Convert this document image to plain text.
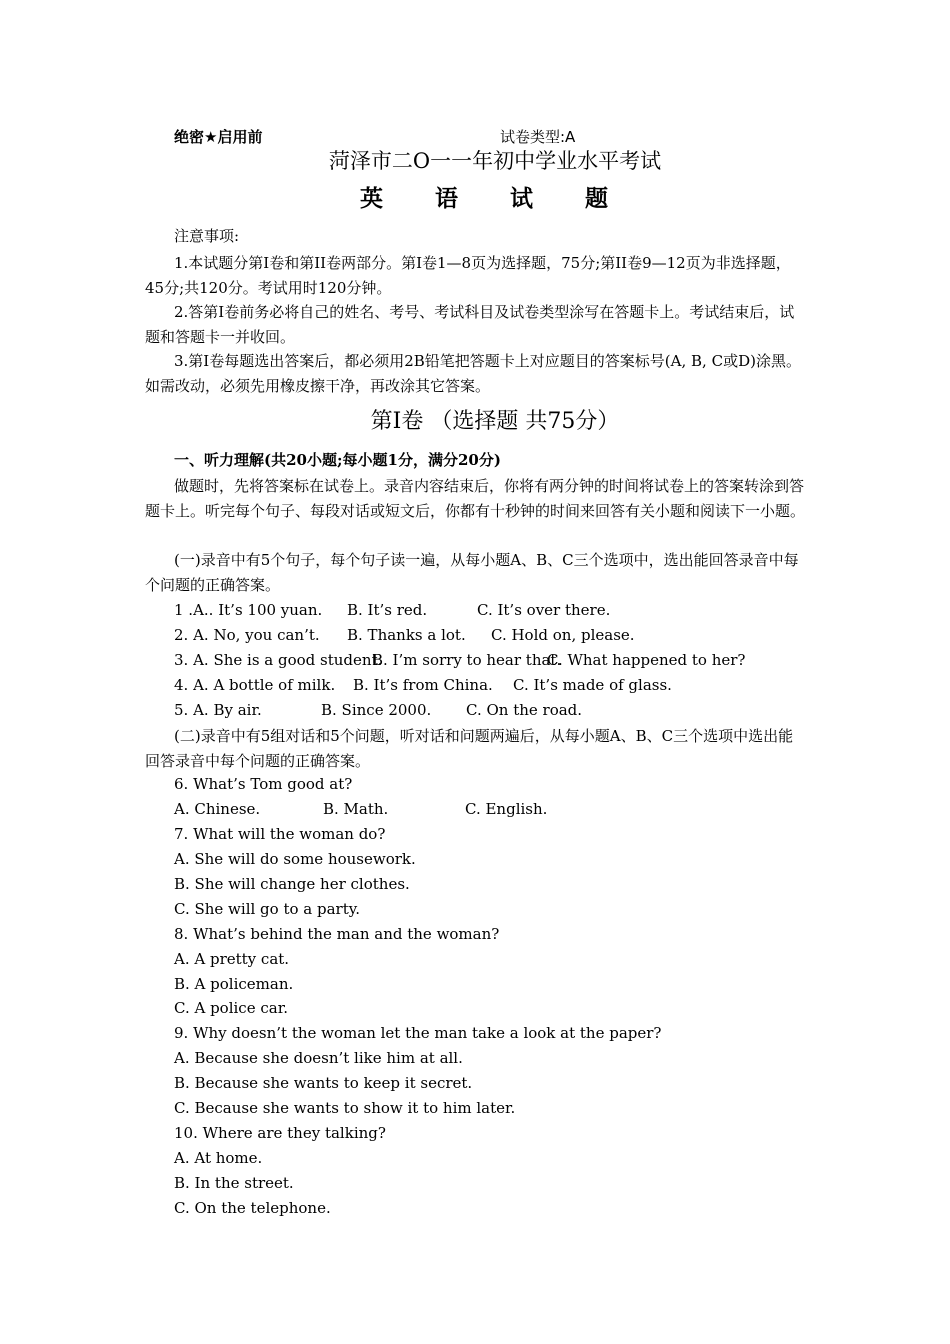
绝密★启用前	试卷类型:A
菏泽市二O一一年初中学业水平考试
英 语 试 题
注意事项:
1.本试题分第I卷和第II卷两部分。第I卷1—8页为选择题，75分;第II卷9—12页为非选择题，45分;共120分。考试用时120分钟。
2.答第I卷前务必将自己的姓名、考号、考试科目及试卷类型涂写在答题卡上。考试结束后，试题和答题卡一并收回。
3.第I卷每题选出答案后，都必须用2B铅笔把答题卡上对应题目的答案标号(A, B, C或D)涂黑。如需改动，必须先用橡皮擦干净，再改涂其它答案。
第I卷 （选择题 共75分）
一、听力理解(共20小题;每小题1分，满分20分)
做题时，先将答案标在试卷上。录音内容结束后，你将有两分钟的时间将试卷上的答案转涂到答题卡上。听完每个句子、每段对话或短文后，你都有十秒钟的时间来回答有关小题和阅读下一小题。
(一)录音中有5个句子，每个句子读一遍，从每小题A、B、C三个选项中，选出能回答录音中每个问题的正确答案。
1 .A.. It’s 100 yuan. B. It’s red.	C. It’s over there.
2. A. No, you can’t. B. Thanks a lot. C. Hold on, please.
3. A. She is a good student.
B. I’m sorry to hear that.
C. What happened to her?
4. A. A bottle of milk. B. It’s from China. C. It’s made of glass.
5. A. By air.	B. Since 2000. C. On the road.
(二)录音中有5组对话和5个问题，听对话和问题两遍后，从每小题A、B、C三个选项中选出能回答录音中每个问题的正确答案。
6. What’s Tom good at?
A. Chinese.	B. Math.	C. English.
7. What will the woman do?
A. She will do some housework.
B. She will change her clothes.
C. She will go to a party.
8. What’s behind the man and the woman?
A. A pretty cat.
B. A policeman.
C. A police car.
9. Why doesn’t the woman let the man take a look at the paper?
A. Because she doesn’t like him at all.
B. Because she wants to keep it secret.
C. Because she wants to show it to him later.
10. Where are they talking?
A. At home.
B. In the street.
C. On the telephone.
